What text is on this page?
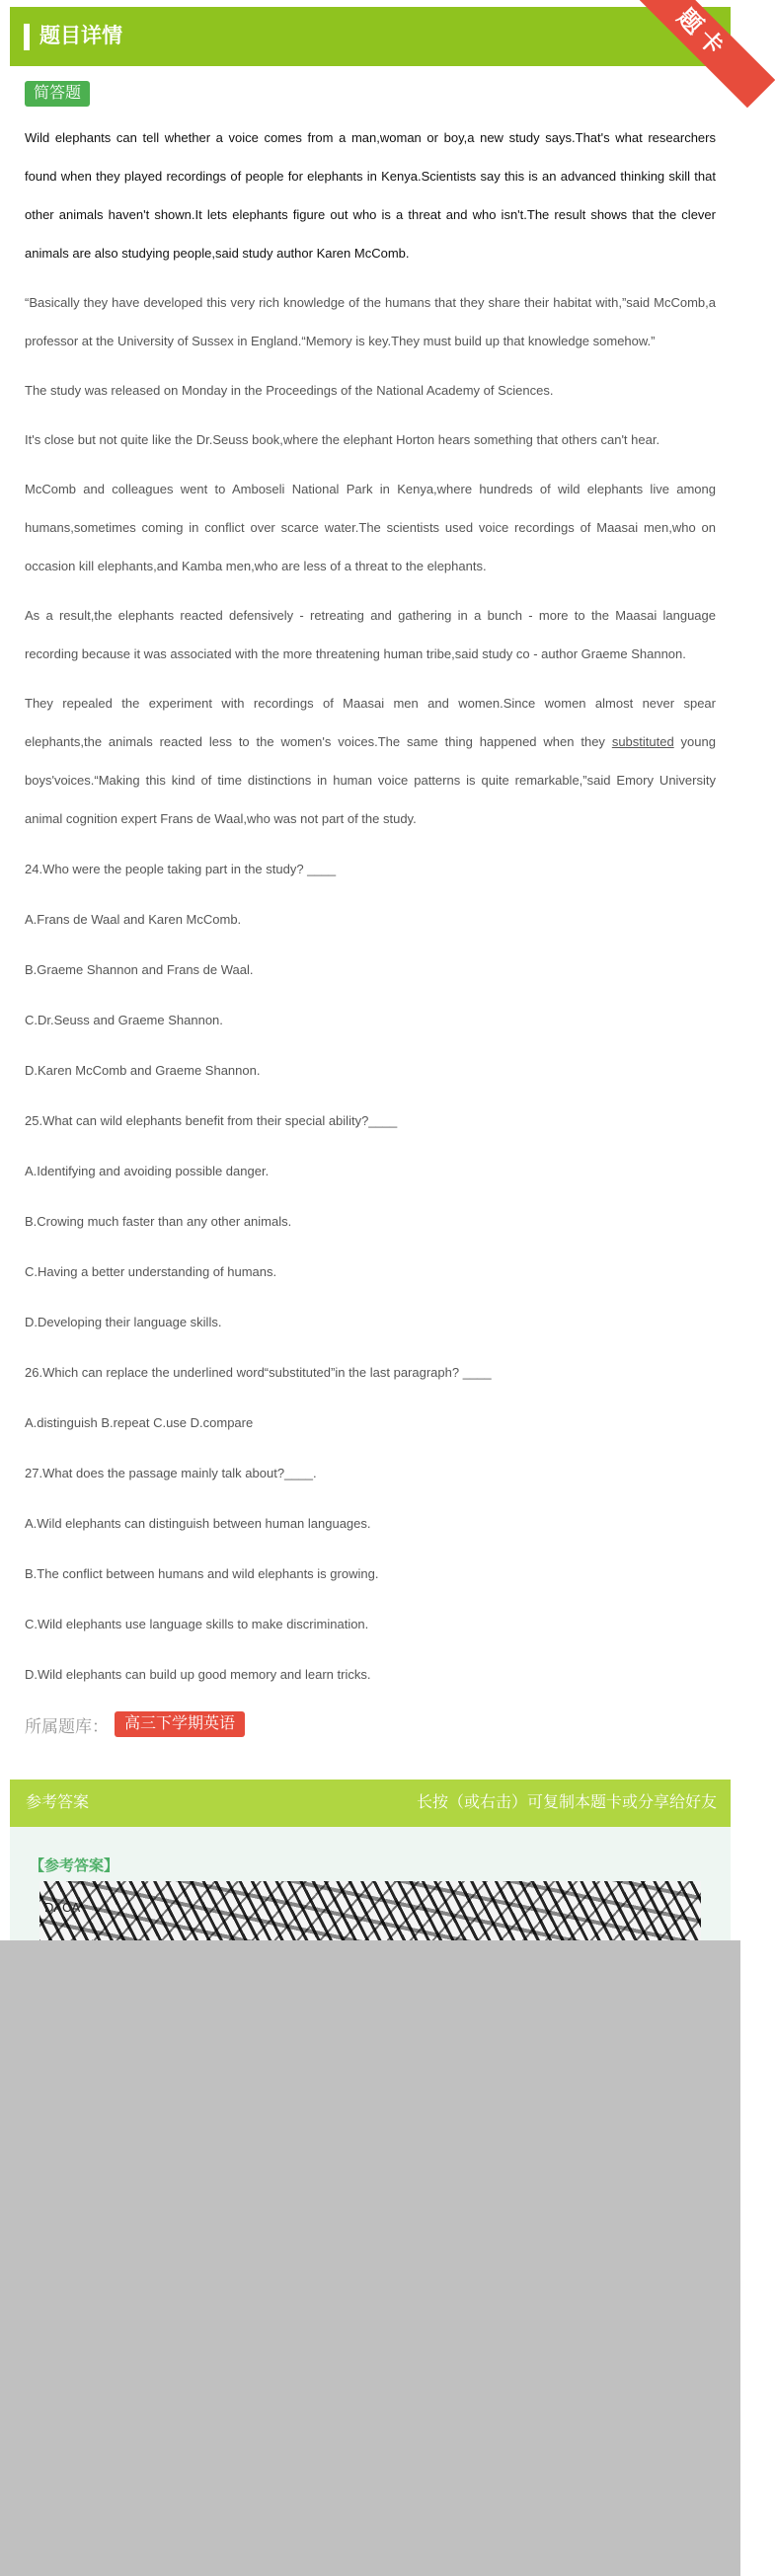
题目详情	题卡
简答题

Wild elephants can tell whether a voice comes from a man,woman or boy,a new study says.That's what researchers found when they played recordings of people for elephants in Kenya.Scientists say this is an advanced thinking skill that other animals haven't shown.It lets elephants figure out who is a threat and who isn't.The result shows that the clever animals are also studying people,said study author Karen McComb.

“Basically they have developed this very rich knowledge of the humans that they share their habitat with,”said McComb,a professor at the University of Sussex in England.“Memory is key.They must build up that knowledge somehow.”

The study was released on Monday in the Proceedings of the National Academy of Sciences.

It's close but not quite like the Dr.Seuss book,where the elephant Horton hears something that others can't hear.

McComb and colleagues went to Amboseli National Park in Kenya,where hundreds of wild elephants live among humans,sometimes coming in conflict over scarce water.The scientists used voice recordings of Maasai men,who on occasion kill elephants,and Kamba men,who are less of a threat to the elephants.

As a result,the elephants reacted defensively - retreating and gathering in a bunch - more to the Maasai language recording because it was associated with the more threatening human tribe,said study co - author Graeme Shannon.

They repealed the experiment with recordings of Maasai men and women.Since women almost never spear elephants,the animals reacted less to the women's voices.The same thing happened when they substituted young boys'voices.“Making this kind of time distinctions in human voice patterns is quite remarkable,”said Emory University animal cognition expert Frans de Waal,who was not part of the study.

24.Who were the people taking part in the study? ____

A.Frans de Waal and Karen McComb.

B.Graeme Shannon and Frans de Waal.

C.Dr.Seuss and Graeme Shannon.

D.Karen McComb and Graeme Shannon.

25.What can wild elephants benefit from their special ability?____

A.Identifying and avoiding possible danger.

B.Crowing much faster than any other animals.

C.Having a better understanding of humans.

D.Developing their language skills.

26.Which can replace the underlined word“substituted”in the last paragraph? ____

A.distinguish B.repeat C.use D.compare

27.What does the passage mainly talk about?____.

A.Wild elephants can distinguish between human languages.

B.The conflict between humans and wild elephants is growing.

C.Wild elephants use language skills to make discrimination.

D.Wild elephants can build up good memory and learn tricks.

所属题库：	高三下学期英语
参考答案	长按（或右击）可复制本题卡或分享给好友
【参考答案】
DACA
